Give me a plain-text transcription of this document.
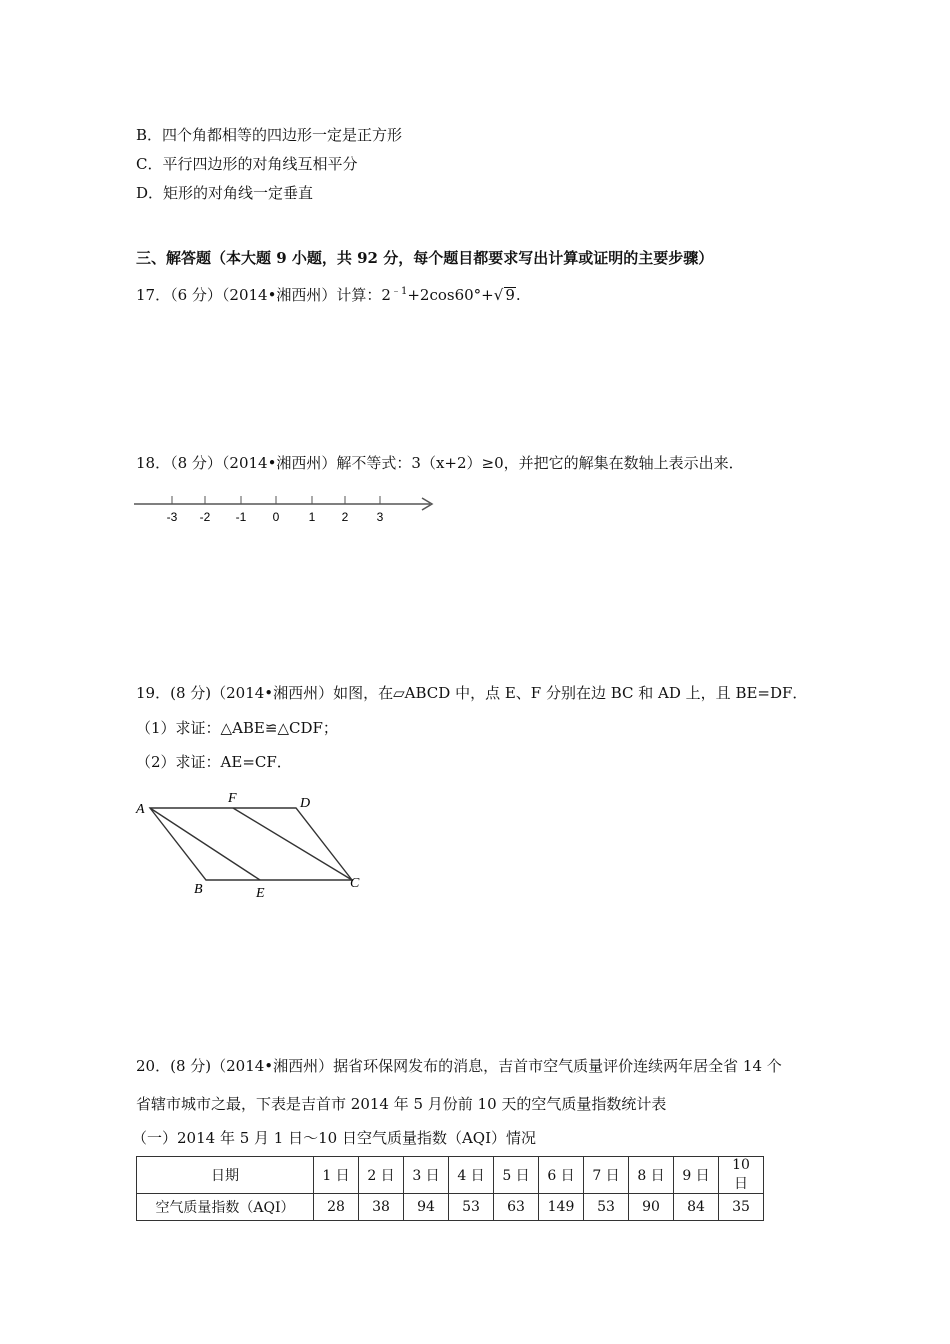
B．四个角都相等的四边形一定是正方形
C．平行四边形的对角线互相平分
D．矩形的对角线一定垂直
三、解答题（本大题 9 小题，共 92 分，每个题目都要求写出计算或证明的主要步骤）
17．（6 分）（2014•湘西州）计算：$2^{﹣1}+2\cos 60^\circ+√$ 9.
18．（8 分）（2014•湘西州）解不等式：3（x+2）≥0，并把它的解集在数轴上表示出来．
-3 -2 -1 0 1 2 3
19．(8 分)（2014•湘西州）如图，在▱ABCD 中，点 E、F 分别在边 BC 和 AD 上，且 BE=DF．
（1）求证：△ABE≌△CDF；
（2）求证：AE=CF．
A
F	D
B	E
C
20．(8 分)（2014•湘西州）据省环保网发布的消息，吉首市空气质量评价连续两年居全省 14 个
省辖市城市之最，下表是吉首市 2014 年 5 月份前 10 天的空气质量指数统计表
（一）2014 年 5 月 1 日～10 日空气质量指数（AQI）情况
日期	1 日	2 日	3 日	4 日	5 日	6 日	7 日	8 日	9 日	10 日
空气质量指数（AQI）	28	38	94	53	63	149	53	90	84	35
